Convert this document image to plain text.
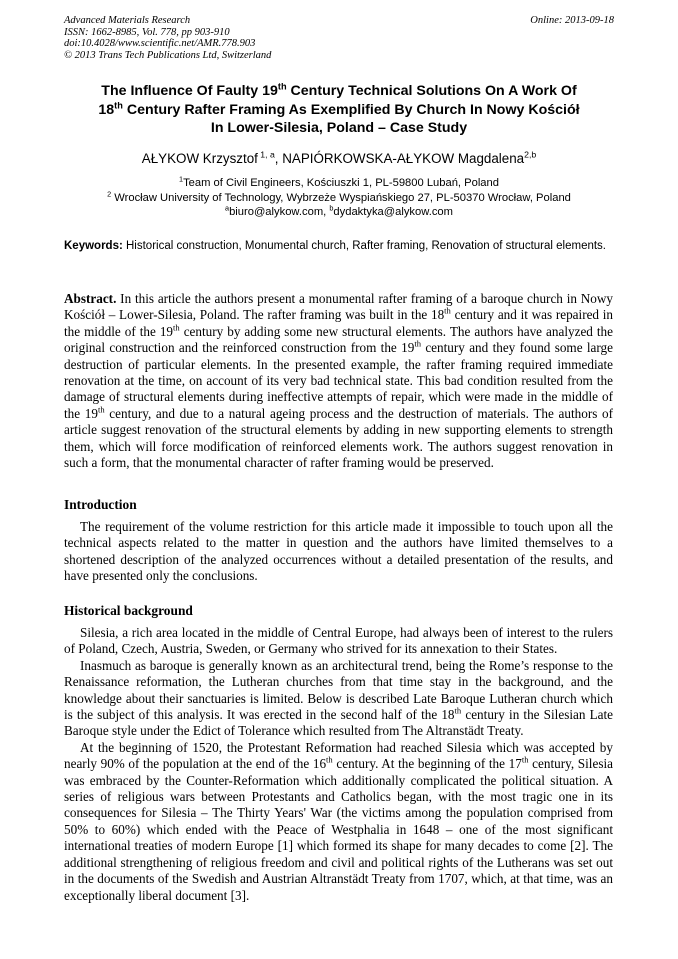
Advanced Materials Research
ISSN: 1662-8985, Vol. 778, pp 903-910
doi:10.4028/www.scientific.net/AMR.778.903
© 2013 Trans Tech Publications Ltd, Switzerland
Online: 2013-09-18
The Influence Of Faulty 19th Century Technical Solutions On A Work Of
18th Century Rafter Framing As Exemplified By Church In Nowy Kościół
In Lower-Silesia, Poland – Case Study
AŁYKOW Krzysztof $^{1, a}$, NAPIÓRKOWSKA-AŁYKOW Magdalena$^{2,b}$
$^1$Team of Civil Engineers, Kościuszki 1, PL-59800 Lubań, Poland
$^2$ Wrocław University of Technology, Wybrzeże Wyspiańskiego 27, PL-50370 Wrocław, Poland
$^a$biuro@alykow.com, $^b$dydaktyka@alykow.com
Keywords: Historical construction, Monumental church, Rafter framing, Renovation of structural elements.
Abstract. In this article the authors present a monumental rafter framing of a baroque church in Nowy Kościół – Lower-Silesia, Poland. The rafter framing was built in the 18th century and it was repaired in the middle of the 19th century by adding some new structural elements. The authors have analyzed the original construction and the reinforced construction from the 19th century and they found some large destruction of particular elements. In the presented example, the rafter framing required immediate renovation at the time, on account of its very bad technical state. This bad condition resulted from the damage of structural elements during ineffective attempts of repair, which were made in the middle of the 19th century, and due to a natural ageing process and the destruction of materials. The authors of article suggest renovation of the structural elements by adding in new supporting elements to strength them, which will force modification of reinforced elements work. The authors suggest renovation in such a form, that the monumental character of rafter framing would be preserved.
Introduction

The requirement of the volume restriction for this article made it impossible to touch upon all the technical aspects related to the matter in question and the authors have limited themselves to a shortened description of the analyzed occurrences without a detailed presentation of the results, and have presented only the conclusions.

Historical background

Silesia, a rich area located in the middle of Central Europe, had always been of interest to the rulers of Poland, Czech, Austria, Sweden, or Germany who strived for its annexation to their States.

Inasmuch as baroque is generally known as an architectural trend, being the Rome’s response to the Renaissance reformation, the Lutheran churches from that time stay in the background, and the knowledge about their sanctuaries is limited. Below is described Late Baroque Lutheran church which is the subject of this analysis. It was erected in the second half of the 18th century in the Silesian Late Baroque style under the Edict of Tolerance which resulted from The Altranstädt Treaty.

At the beginning of 1520, the Protestant Reformation had reached Silesia which was accepted by nearly 90% of the population at the end of the 16th century. At the beginning of the 17th century, Silesia was embraced by the Counter-Reformation which additionally complicated the political situation. A series of religious wars between Protestants and Catholics began, with the most tragic one in its consequences for Silesia – The Thirty Years' War (the victims among the population comprised from 50% to 60%) which ended with the Peace of Westphalia in 1648 – one of the most significant international treaties of modern Europe [1] which formed its shape for many decades to come [2]. The additional strengthening of religious freedom and civil and political rights of the Lutherans was set out in the documents of the Swedish and Austrian Altranstädt Treaty from 1707, which, at that time, was an exceptionally liberal document [3].
